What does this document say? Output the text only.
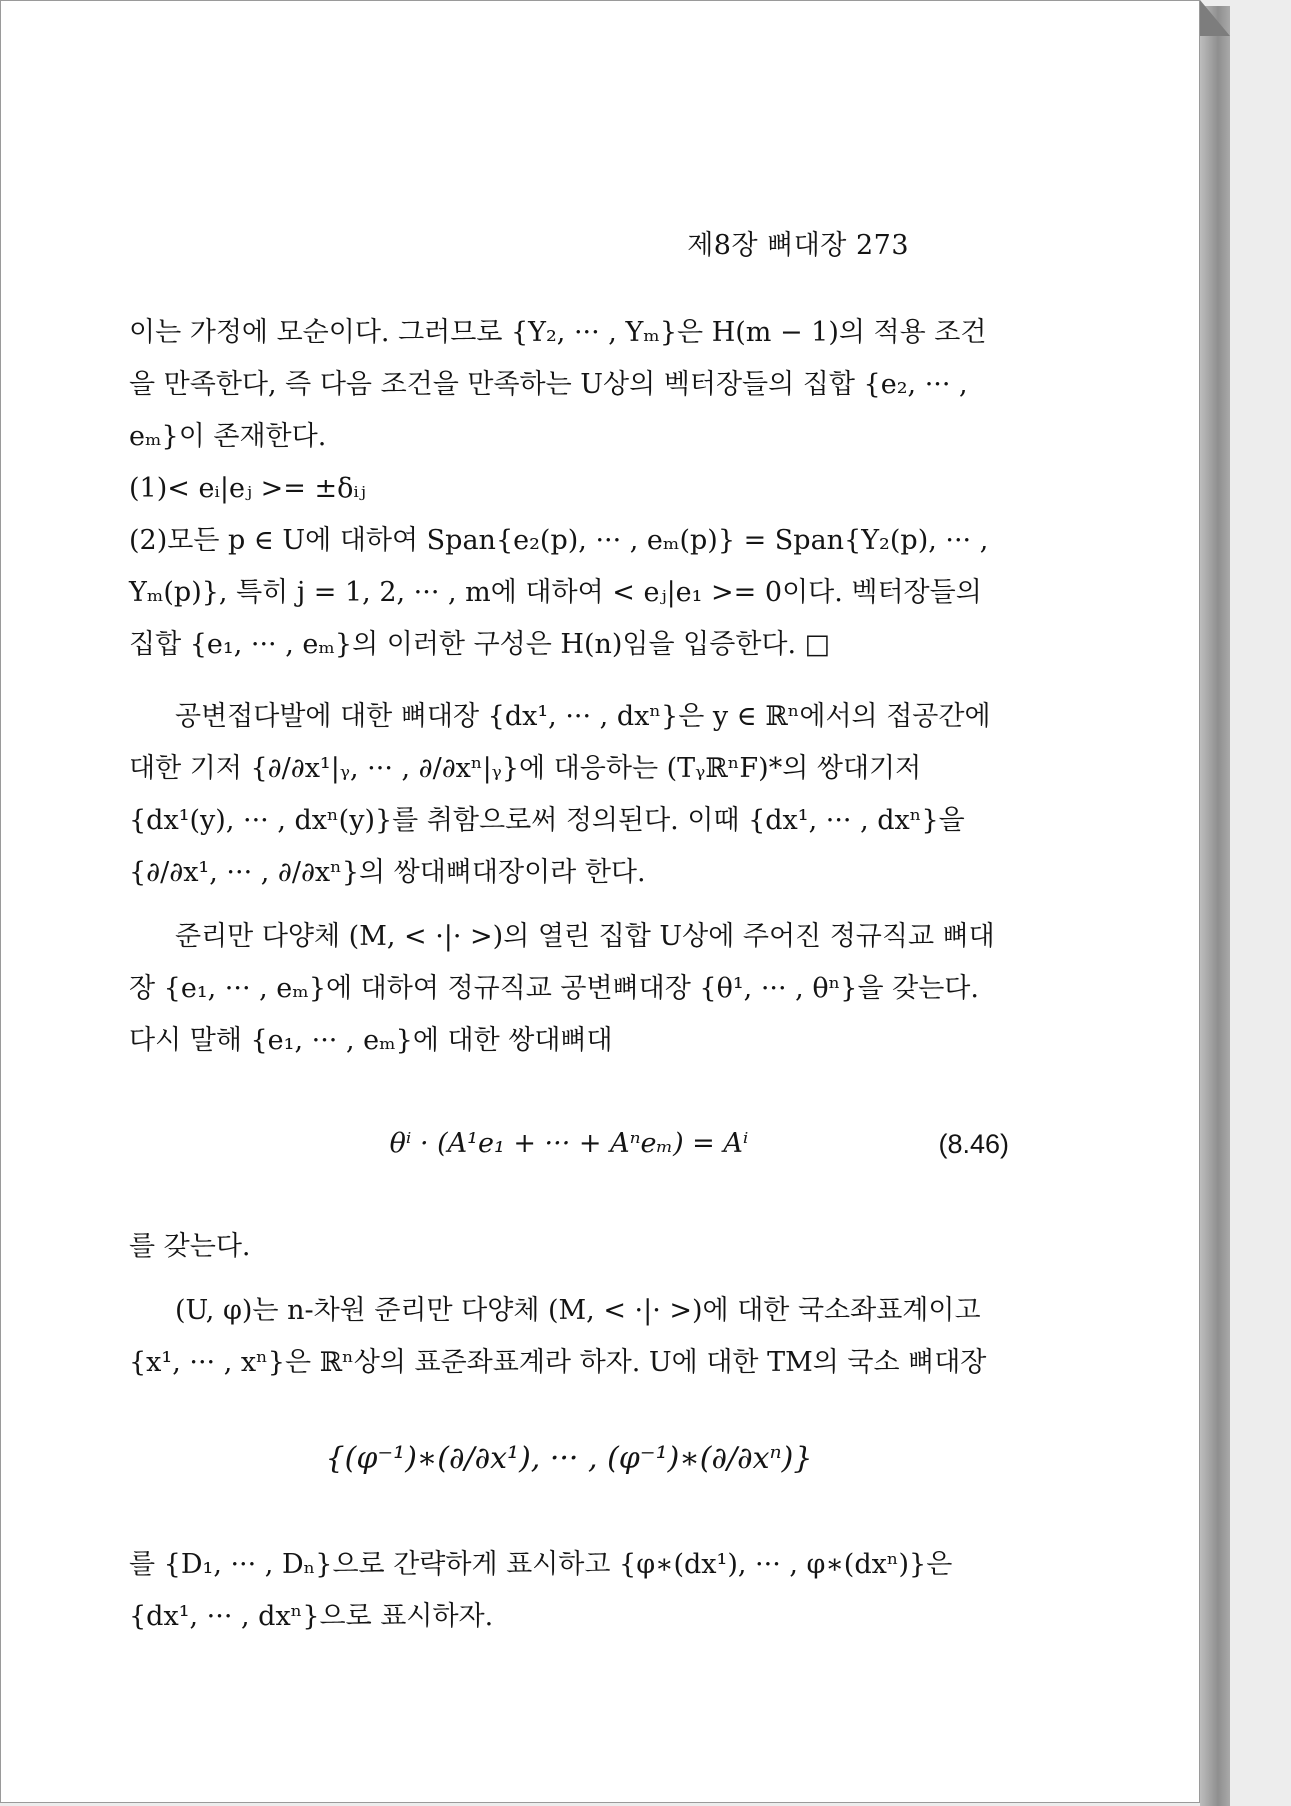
제8장 뼈대장 273

이는 가정에 모순이다. 그러므로 {Y₂, ··· , Yₘ}은 H(m − 1)의 적용 조건을 만족한다, 즉 다음 조건을 만족하는 U상의 벡터장들의 집합 {e₂, ··· , eₘ}이 존재한다.

(1)< eᵢ|eⱼ >= ±δᵢⱼ

(2)모든 p ∈ U에 대하여 Span{e₂(p), ··· , eₘ(p)} = Span{Y₂(p), ··· , Yₘ(p)}, 특히 j = 1, 2, ··· , m에 대하여 < eⱼ|e₁ >= 0이다. 벡터장들의 집합 {e₁, ··· , eₘ}의 이러한 구성은 H(n)임을 입증한다. □

공변접다발에 대한 뼈대장 {dx¹, ··· , dxⁿ}은 y ∈ ℝⁿ에서의 접공간에 대한 기저 {∂/∂x¹|ᵧ, ··· , ∂/∂xⁿ|ᵧ}에 대응하는 (TᵧℝⁿF)*의 쌍대기저 {dx¹(y), ··· , dxⁿ(y)}를 취함으로써 정의된다. 이때 {dx¹, ··· , dxⁿ}을 {∂/∂x¹, ··· , ∂/∂xⁿ}의 쌍대뼈대장이라 한다.

준리만 다양체 (M, < ·|· >)의 열린 집합 U상에 주어진 정규직교 뼈대장 {e₁, ··· , eₘ}에 대하여 정규직교 공변뼈대장 {θ¹, ··· , θⁿ}을 갖는다. 다시 말해 {e₁, ··· , eₘ}에 대한 쌍대뼈대

θⁱ · (A¹e₁ + ··· + Aⁿeₘ) = Aⁱ	(8.46)

를 갖는다.

(U, φ)는 n-차원 준리만 다양체 (M, < ·|· >)에 대한 국소좌표계이고 {x¹, ··· , xⁿ}은 ℝⁿ상의 표준좌표계라 하자. U에 대한 TM의 국소 뼈대장

{(φ⁻¹)∗(∂/∂x¹), ··· , (φ⁻¹)∗(∂/∂xⁿ)}

를 {D₁, ··· , Dₙ}으로 간략하게 표시하고 {φ∗(dx¹), ··· , φ∗(dxⁿ)}은 {dx¹, ··· , dxⁿ}으로 표시하자.
